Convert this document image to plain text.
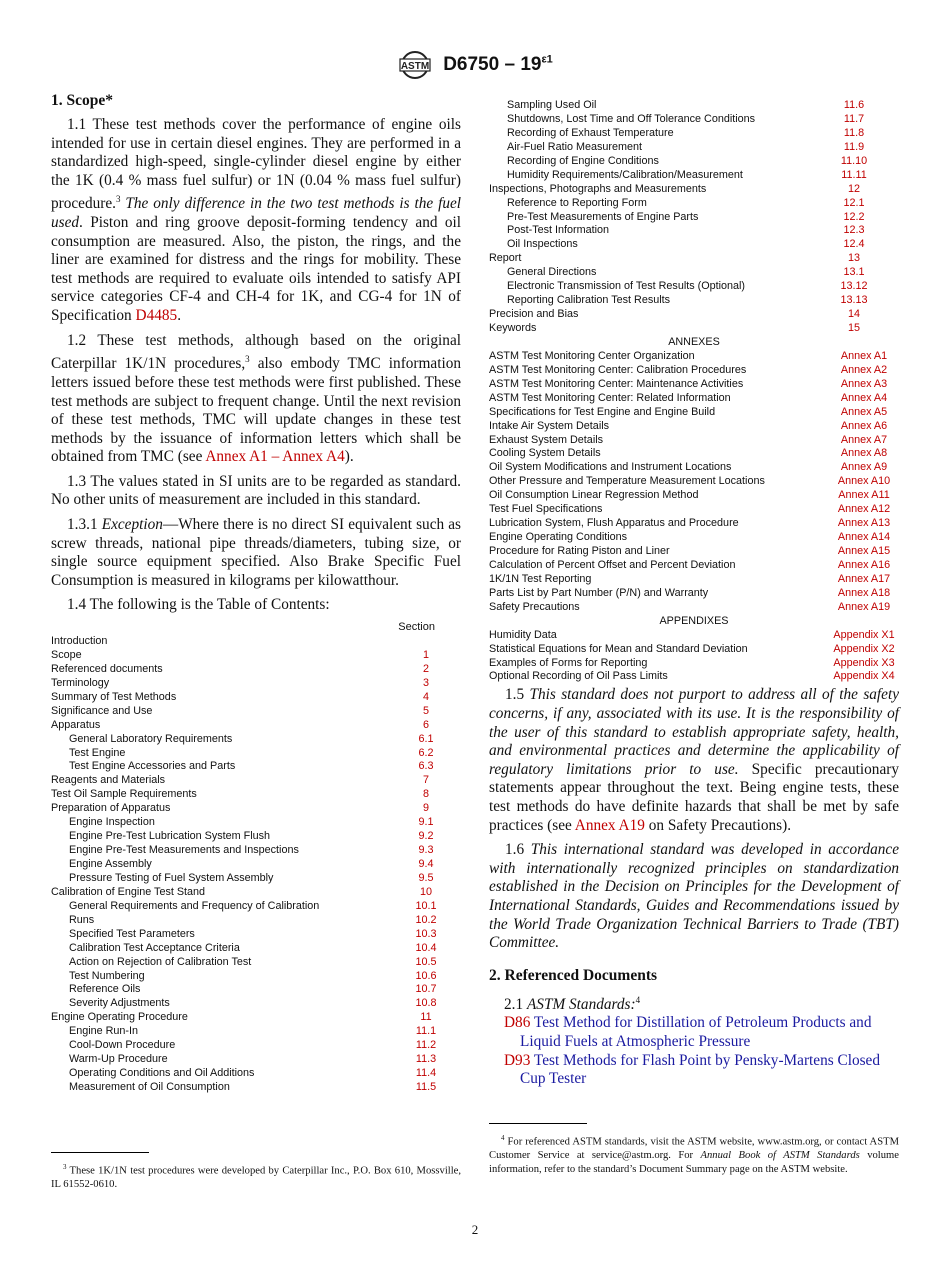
ASTM $D6750 - 19^{\varepsilon 1}$
1. Scope*

1.1 These test methods cover the performance of engine oils intended for use in certain diesel engines. They are performed in a standardized high-speed, single-cylinder diesel engine by either the 1K (0.4 % mass fuel sulfur) or 1N (0.04 % mass fuel sulfur) procedure.$^3$ The only difference in the two test methods is the fuel used. Piston and ring groove deposit-forming tendency and oil consumption are measured. Also, the piston, the rings, and the liner are examined for distress and the rings for mobility. These test methods are required to evaluate oils intended to satisfy API service categories CF-4 and CH-4 for 1K, and CG-4 for 1N of Specification D4485.

1.2 These test methods, although based on the original Caterpillar 1K/1N procedures,$^3$ also embody TMC information letters issued before these test methods were first published. These test methods are subject to frequent change. Until the next revision of these test methods, TMC will update changes in these test methods by the issuance of information letters which shall be obtained from TMC (see Annex A1 – Annex A4).

1.3 The values stated in SI units are to be regarded as standard. No other units of measurement are included in this standard.

1.3.1 Exception—Where there is no direct SI equivalent such as screw threads, national pipe threads/diameters, tubing size, or single source equipment specified. Also Brake Specific Fuel Consumption is measured in kilograms per kilowatthour.

1.4 The following is the Table of Contents:

Section
Introduction
Scope	1
Referenced documents	2
Terminology	3
Summary of Test Methods	4
Significance and Use	5
Apparatus	6
General Laboratory Requirements	6.1
Test Engine	6.2
Test Engine Accessories and Parts	6.3
Reagents and Materials	7
Test Oil Sample Requirements	8
Preparation of Apparatus	9
Engine Inspection	9.1
Engine Pre-Test Lubrication System Flush	9.2
Engine Pre-Test Measurements and Inspections	9.3
Engine Assembly	9.4
Pressure Testing of Fuel System Assembly	9.5
Calibration of Engine Test Stand	10
General Requirements and Frequency of Calibration	10.1
Runs	10.2
Specified Test Parameters	10.3
Calibration Test Acceptance Criteria	10.4
Action on Rejection of Calibration Test	10.5
Test Numbering	10.6
Reference Oils	10.7
Severity Adjustments	10.8
Engine Operating Procedure	11
Engine Run-In	11.1
Cool-Down Procedure	11.2
Warm-Up Procedure	11.3
Operating Conditions and Oil Additions	11.4
Measurement of Oil Consumption	11.5
Sampling Used Oil	11.6
Shutdowns, Lost Time and Off Tolerance Conditions	11.7
Recording of Exhaust Temperature	11.8
Air-Fuel Ratio Measurement	11.9
Recording of Engine Conditions	11.10
Humidity Requirements/Calibration/Measurement	11.11
Inspections, Photographs and Measurements	12
Reference to Reporting Form	12.1
Pre-Test Measurements of Engine Parts	12.2
Post-Test Information	12.3
Oil Inspections	12.4
Report	13
General Directions	13.1
Electronic Transmission of Test Results (Optional)	13.12
Reporting Calibration Test Results	13.13
Precision and Bias	14
Keywords	15
ANNEXES
ASTM Test Monitoring Center Organization	Annex A1
ASTM Test Monitoring Center: Calibration Procedures	Annex A2
ASTM Test Monitoring Center: Maintenance Activities	Annex A3
ASTM Test Monitoring Center: Related Information	Annex A4
Specifications for Test Engine and Engine Build	Annex A5
Intake Air System Details	Annex A6
Exhaust System Details	Annex A7
Cooling System Details	Annex A8
Oil System Modifications and Instrument Locations	Annex A9
Other Pressure and Temperature Measurement Locations	Annex A10
Oil Consumption Linear Regression Method	Annex A11
Test Fuel Specifications	Annex A12
Lubrication System, Flush Apparatus and Procedure	Annex A13
Engine Operating Conditions	Annex A14
Procedure for Rating Piston and Liner	Annex A15
Calculation of Percent Offset and Percent Deviation	Annex A16
1K/1N Test Reporting	Annex A17
Parts List by Part Number (P/N) and Warranty	Annex A18
Safety Precautions	Annex A19
APPENDIXES
Humidity Data	Appendix X1
Statistical Equations for Mean and Standard Deviation	Appendix X2
Examples of Forms for Reporting	Appendix X3
Optional Recording of Oil Pass Limits	Appendix X4

1.5 This standard does not purport to address all of the safety concerns, if any, associated with its use. It is the responsibility of the user of this standard to establish appropriate safety, health, and environmental practices and determine the applicability of regulatory limitations prior to use. Specific precautionary statements appear throughout the text. Being engine tests, these test methods do have definite hazards that shall be met by safe practices (see Annex A19 on Safety Precautions).

1.6 This international standard was developed in accordance with internationally recognized principles on standardization established in the Decision on Principles for the Development of International Standards, Guides and Recommendations issued by the World Trade Organization Technical Barriers to Trade (TBT) Committee.

2. Referenced Documents
2.1 ASTM Standards:$^4$
D86 Test Method for Distillation of Petroleum Products and Liquid Fuels at Atmospheric Pressure
D93 Test Methods for Flash Point by Pensky-Martens Closed Cup Tester
$^3$ These 1K/1N test procedures were developed by Caterpillar Inc., P.O. Box 610, Mossville, IL 61552-0610.
$^4$ For referenced ASTM standards, visit the ASTM website, www.astm.org, or contact ASTM Customer Service at service@astm.org. For Annual Book of ASTM Standards volume information, refer to the standard’s Document Summary page on the ASTM website.
2
